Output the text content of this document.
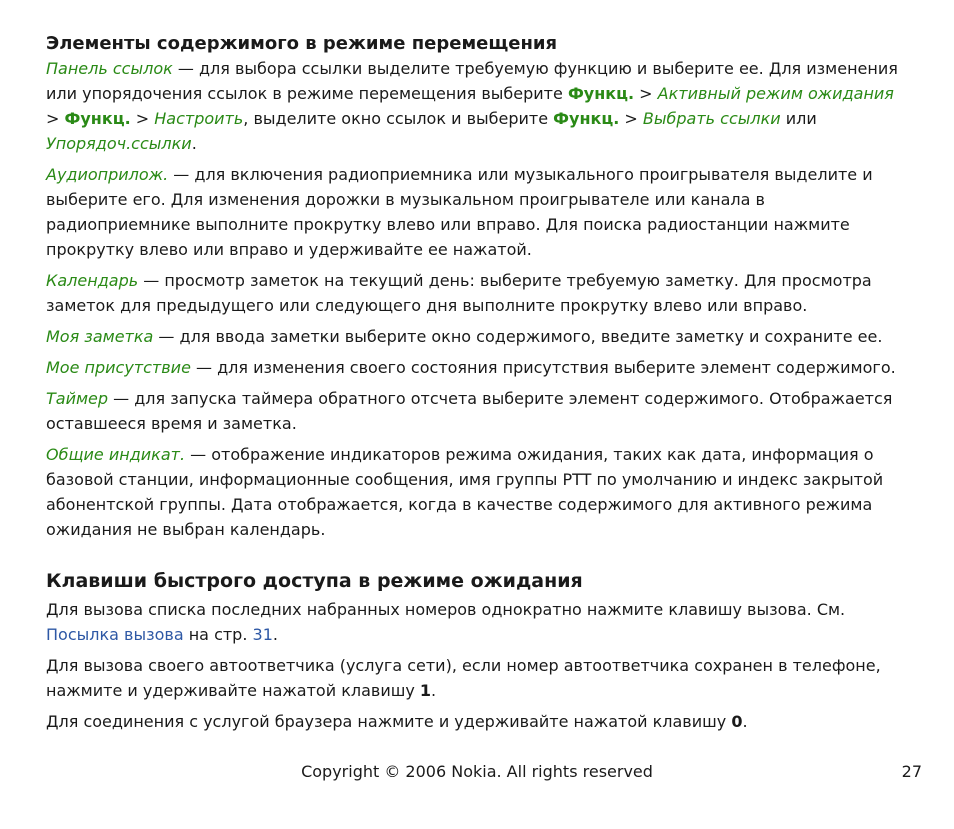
Элементы содержимого в режиме перемещения

Панель ссылок — для выбора ссылки выделите требуемую функцию и выберите ее. Для изменения или упорядочения ссылок в режиме перемещения выберите Функц. > Активный режим ожидания > Функц. > Настроить, выделите окно ссылок и выберите Функц. > Выбрать ссылки или Упорядоч.ссылки.

Аудиоприлож. — для включения радиоприемника или музыкального проигрывателя выделите и выберите его. Для изменения дорожки в музыкальном проигрывателе или канала в радиоприемнике выполните прокрутку влево или вправо. Для поиска радиостанции нажмите прокрутку влево или вправо и удерживайте ее нажатой.

Календарь — просмотр заметок на текущий день: выберите требуемую заметку. Для просмотра заметок для предыдущего или следующего дня выполните прокрутку влево или вправо.

Моя заметка — для ввода заметки выберите окно содержимого, введите заметку и сохраните ее.

Мое присутствие — для изменения своего состояния присутствия выберите элемент содержимого.

Таймер — для запуска таймера обратного отсчета выберите элемент содержимого. Отображается оставшееся время и заметка.

Общие индикат. — отображение индикаторов режима ожидания, таких как дата, информация о базовой станции, информационные сообщения, имя группы PTT по умолчанию и индекс закрытой абонентской группы. Дата отображается, когда в качестве содержимого для активного режима ожидания не выбран календарь.

Клавиши быстрого доступа в режиме ожидания

Для вызова списка последних набранных номеров однократно нажмите клавишу вызова. См. Посылка вызова на стр. 31.

Для вызова своего автоответчика (услуга сети), если номер автоответчика сохранен в телефоне, нажмите и удерживайте нажатой клавишу 1.

Для соединения с услугой браузера нажмите и удерживайте нажатой клавишу 0.

Copyright © 2006 Nokia. All rights reserved	27
